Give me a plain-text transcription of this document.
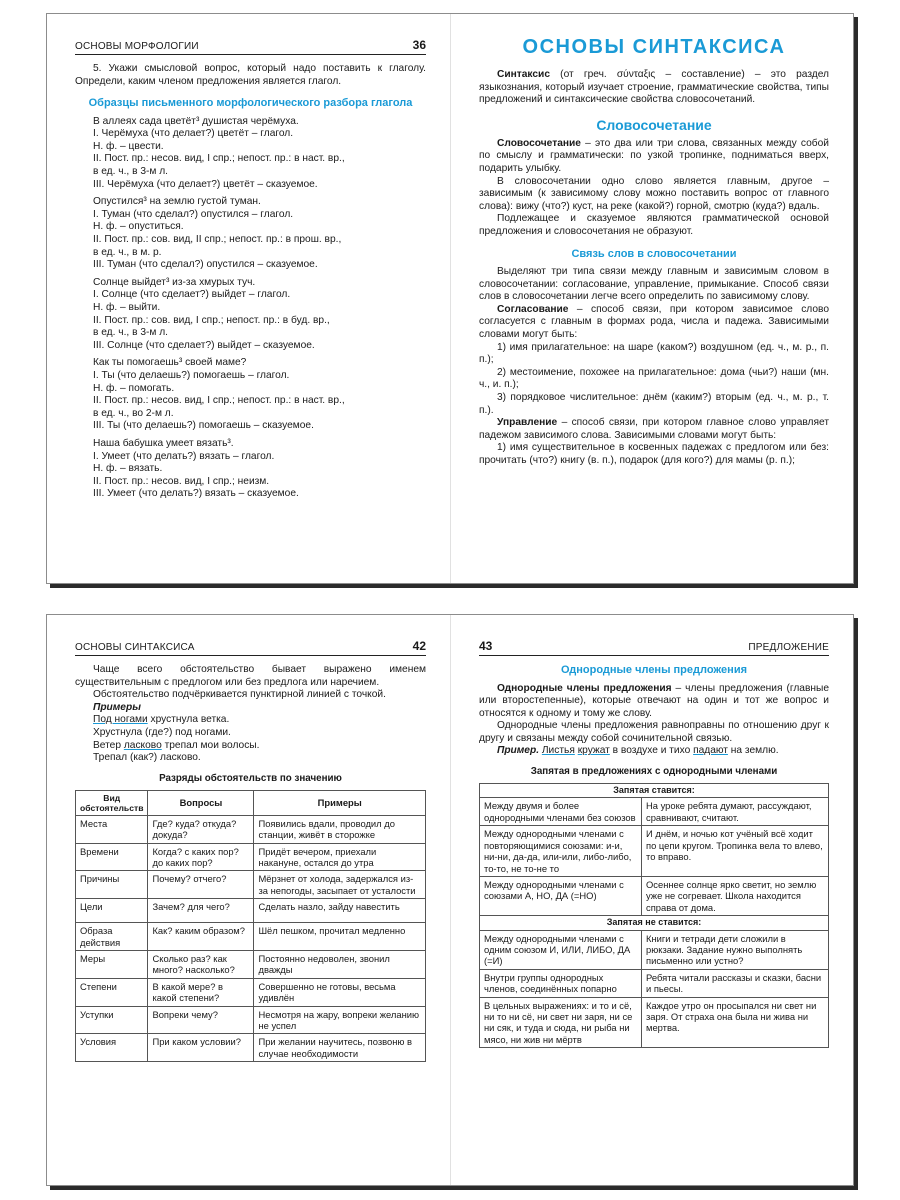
ОСНОВЫ МОРФОЛОГИИ	36

5. Укажи смысловой вопрос, который надо поставить к глаголу. Определи, каким членом предложения является глагол.

Образцы письменного морфологического разбора глагола

В аллеях сада цветёт³ душистая черёмуха.

I. Черёмуха (что делает?) цветёт – глагол.

Н. ф. – цвести.

II. Пост. пр.: несов. вид, I спр.; непост. пр.: в наст. вр.,

в ед. ч., в 3-м л.

III. Черёмуха (что делает?) цветёт – сказуемое.

Опустился³ на землю густой туман.

I. Туман (что сделал?) опустился – глагол.

Н. ф. – опуститься.

II. Пост. пр.: сов. вид, II спр.; непост. пр.: в прош. вр.,

в ед. ч., в м. р.

III. Туман (что сделал?) опустился – сказуемое.

Солнце выйдет³ из-за хмурых туч.

I. Солнце (что сделает?) выйдет – глагол.

Н. ф. – выйти.

II. Пост. пр.: сов. вид, I спр.; непост. пр.: в буд. вр.,

в ед. ч., в 3-м л.

III. Солнце (что сделает?) выйдет – сказуемое.

Как ты помогаешь³ своей маме?

I. Ты (что делаешь?) помогаешь – глагол.

Н. ф. – помогать.

II. Пост. пр.: несов. вид, I спр.; непост. пр.: в наст. вр.,

в ед. ч., во 2-м л.

III. Ты (что делаешь?) помогаешь – сказуемое.

Наша бабушка умеет вязать³.

I. Умеет (что делать?) вязать – глагол.

Н. ф. – вязать.

II. Пост. пр.: несов. вид, I спр.; неизм.

III. Умеет (что делать?) вязать – сказуемое.

ОСНОВЫ СИНТАКСИСА

Синтаксис (от греч. σύνταξις – составление) – это раздел языкознания, который изучает строение, грамматические свойства, типы предложений и синтаксические свойства словосочетаний.

Словосочетание

Словосочетание – это два или три слова, связанных между собой по смыслу и грамматически: по узкой тропинке, подниматься вверх, подарить улыбку.

В словосочетании одно слово является главным, другое – зависимым (к зависимому слову можно поставить вопрос от главного слова): вижу (что?) куст, на реке (какой?) горной, смотрю (куда?) вдаль.

Подлежащее и сказуемое являются грамматической основой предложения и словосочетания не образуют.

Связь слов в словосочетании

Выделяют три типа связи между главным и зависимым словом в словосочетании: согласование, управление, примыкание. Способ связи слов в словосочетании легче всего определить по зависимому слову.

Согласование – способ связи, при котором зависимое слово согласуется с главным в формах рода, числа и падежа. Зависимыми словами могут быть:

1) имя прилагательное: на шаре (каком?) воздушном (ед. ч., м. р., п. п.);

2) местоимение, похожее на прилагательное: дома (чьи?) наши (мн. ч., и. п.);

3) порядковое числительное: днём (каким?) вторым (ед. ч., м. р., т. п.).

Управление – способ связи, при котором главное слово управляет падежом зависимого слова. Зависимыми словами могут быть:

1) имя существительное в косвенных падежах с предлогом или без: прочитать (что?) книгу (в. п.), подарок (для кого?) для мамы (р. п.);

ОСНОВЫ СИНТАКСИСА	42

Чаще всего обстоятельство бывает выражено именем существительным с предлогом или без предлога или наречием.

Обстоятельство подчёркивается пунктирной линией с точкой.

Примеры

Под ногами хрустнула ветка.

Хрустнула (где?) под ногами.

Ветер ласково трепал мои волосы.

Трепал (как?) ласково.

Разряды обстоятельств по значению
Вид обстоятельств	Вопросы	Примеры
Места	Где? куда? откуда? докуда?	Появились вдали, проводил до станции, живёт в сторожке
Времени	Когда? с каких пор? до каких пор?	Придёт вечером, приехали накануне, остался до утра
Причины	Почему? отчего?	Мёрзнет от холода, задержался из-за непогоды, засыпает от усталости
Цели	Зачем? для чего?	Сделать назло, зайду навестить
Образа действия	Как? каким образом?	Шёл пешком, прочитал медленно
Меры	Сколько раз? как много? насколько?	Постоянно недоволен, звонил дважды
Степени	В какой мере? в какой степени?	Совершенно не готовы, весьма удивлён
Уступки	Вопреки чему?	Несмотря на жару, вопреки желанию не успел
Условия	При каком условии?	При желании научитесь, позвоню в случае необходимости
43	ПРЕДЛОЖЕНИЕ
Однородные члены предложения

Однородные члены предложения – члены предложения (главные или второстепенные), которые отвечают на один и тот же вопрос и относятся к одному и тому же слову.

Однородные члены предложения равноправны по отношению друг к другу и связаны между собой сочинительной связью.

Пример. Листья кружат в воздухе и тихо падают на землю.

Запятая в предложениях с однородными членами
Запятая ставится:	
Между двумя и более однородными членами без союзов	На уроке ребята думают, рассуждают, сравнивают, считают.
Между однородными членами с повторяющимися союзами: и-и, ни-ни, да-да, или-или, либо-либо, то-то, не то-не то	И днём, и ночью кот учёный всё ходит по цепи кругом. Тропинка вела то влево, то вправо.
Между однородными членами с союзами А, НО, ДА (=НО)	Осеннее солнце ярко светит, но землю уже не согревает. Школа находится справа от дома.
Запятая не ставится:	
Между однородными членами с одним союзом И, ИЛИ, ЛИБО, ДА (=И)	Книги и тетради дети сложили в рюкзаки. Задание нужно выполнять письменно или устно?
Внутри группы однородных членов, соединённых попарно	Ребята читали рассказы и сказки, басни и пьесы.
В цельных выражениях: и то и сё, ни то ни сё, ни свет ни заря, ни се ни сяк, и туда и сюда, ни рыба ни мясо, ни жив ни мёртв	Каждое утро он просыпался ни свет ни заря. От страха она была ни жива ни мертва.
